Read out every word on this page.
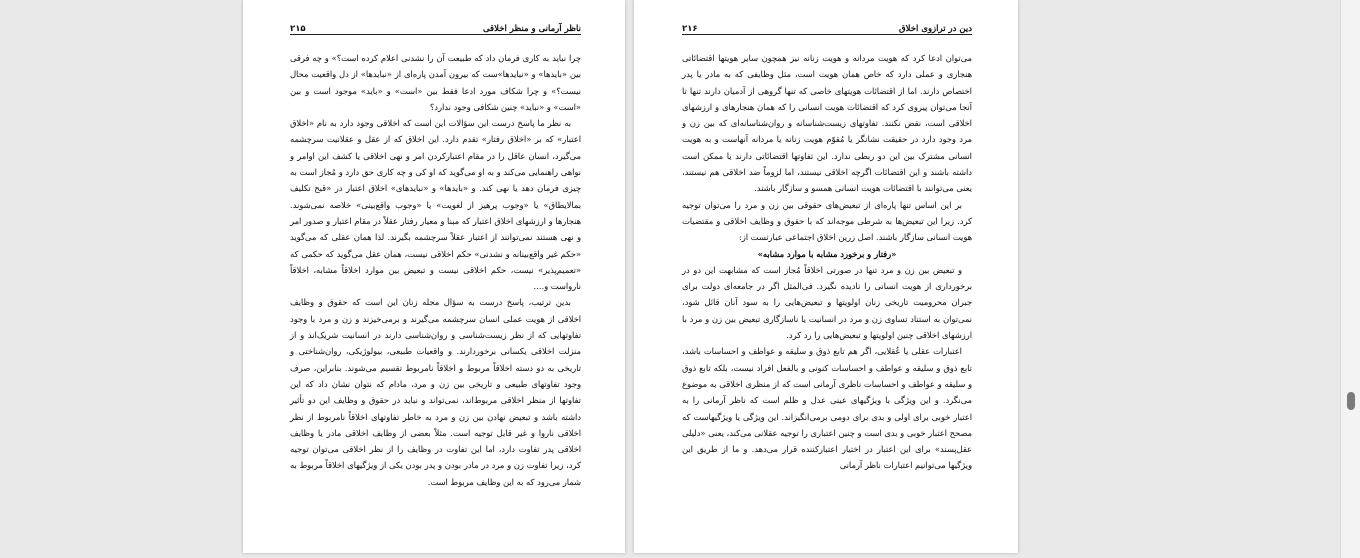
ناظر آرمانی و منظر اخلاقی
۲۱۵

چرا نباید به کاری فرمان داد که طبیعت آن را نشدنی اعلام کرده است؟» و چه فرقی بین «بایدها» و «نبایدها»ست که بیرون آمدن پاره‌ای از «نبایدها» از دل واقعیت محال نیست؟» و چرا شکاف مورد ادعا فقط بین «است» و «باید» موجود است و بین «است» و «نباید» چنین شکافی وجود ندارد؟

به نظر ما پاسخ درست این سؤالات این است که اخلاقی وجود دارد به نام «اخلاق اعتبار» که بر «اخلاق رفتار» تقدم دارد. این اخلاق که از عقل و عقلانیت سرچشمه می‌گیرد، انسان عاقل را در مقام اعتبارکردن امر و نهی اخلاقی یا کشف این اوامر و نواهی راهنمایی می‌کند و به او می‌گوید که او کی و چه کاری حق دارد و مُجاز است به چیزی فرمان دهد یا نهی کند. و «بایدها» و «نبایدهای» اخلاق اعتبار در «قبح تکلیف بمالایطاق» یا «وجوب پرهیز از لغویت» یا «وجوب واقع‌بینی» خلاصه نمی‌شوند. هنجارها و ارزشهای اخلاق اعتبار که مبنا و معیار رفتار عقلاً در مقام اعتبار و صدور امر و نهی هستند نمی‌توانند از اعتبار عقلاً سرچشمه بگیرند. لذا همان عقلی که می‌گوید «حکم غیر واقع‌بینانه و نشدنی» حکم اخلاقی نیست، همان عقل می‌گوید که حکمی که «تعمیم‌پذیر» نیست، حکم اخلاقی نیست و تبعیض بین موارد اخلاقاً مشابه، اخلاقاً نارواست و....

بدین ترتیب، پاسخ درست به سؤال مجله زنان این است که حقوق و وظایف اخلاقی از هویت عملی انسان سرچشمه می‌گیرند و برمی‌خیزند و زن و مرد با وجود تفاوتهایی که از نظر زیست‌شناسی و روان‌شناسی دارند در انسانیت شریک‌اند و از منزلت اخلاقی یکسانی برخوردارند. و واقعیات طبیعی، بیولوژیکی، روان‌شناختی و تاریخی به دو دسته اخلاقاً مربوط و اخلاقاً نامربوط تقسیم می‌شوند. بنابراین، صرف وجود تفاوتهای طبیعی و تاریخی بین زن و مرد، مادام که نتوان نشان داد که این تفاوتها از منظر اخلاقی مربوط‌اند، نمی‌تواند و نباید در حقوق و وظایف این دو تأثیر داشته باشد و تبعیض نهادن بین زن و مرد به خاطر تفاوتهای اخلاقاً نامربوط از نظر اخلاقی ناروا و غیر قابل توجیه است. مثلاً بعضی از وظایف اخلاقی مادر یا وظایف اخلاقی پدر تفاوت دارد، اما این تفاوت در وظایف را از نظر اخلاقی می‌توان توجیه کرد، زیرا تفاوت زن و مرد در مادر بودن و پدر بودن یکی از ویژگیهای اخلاقاً مربوط به شمار می‌رود که به این وظایف مربوط است.

دین در ترازوی اخلاق
۲۱۶

می‌توان ادعا کرد که هویت مردانه و هویت زنانه نیز همچون سایر هویتها اقتضائاتی هنجاری و عملی دارد که خاص همان هویت است، مثل وظایفی که به مادر یا پدر اختصاص دارند. اما از اقتضائات هویتهای خاصی که تنها گروهی از آدمیان دارند تنها تا آنجا می‌توان پیروی کرد که اقتضائات هویت انسانی را که همان هنجارهای و ارزشهای اخلاقی است، نقض نکنند. تفاوتهای زیست‌شناسانه و روان‌شناسانه‌ای که بین زن و مرد وجود دارد در حقیقت نشانگر یا مُقوّم هویت زنانه یا مردانه آنهاست و به هویت انسانی مشترک بین این دو ربطی ندارد. این تفاوتها اقتضائاتی دارند یا ممکن است داشته باشند و این اقتضائات اگرچه اخلاقی نیستند، اما لزوماً ضد اخلاقی هم نیستند، یعنی می‌توانند با اقتضائات هویت انسانی همسو و سازگار باشند.

بر این اساس تنها پاره‌ای از تبعیض‌های حقوقی بین زن و مرد را می‌توان توجیه کرد. زیرا این تبعیض‌ها به شرطی موجه‌اند که با حقوق و وظایف اخلاقی و مقتضیات هویت انسانی سازگار باشند. اصل زرین اخلاق اجتماعی عبارتست از:

«رفتار و برخورد مشابه با موارد مشابه»

و تبعیض بین زن و مرد تنها در صورتی اخلاقاً مُجاز است که مشابهت این دو در برخورداری از هویت انسانی را نادیده نگیرد. فی‌المثل اگر در جامعه‌ای دولت برای جبران محرومیت تاریخی زنان اولویتها و تبعیض‌هایی را به سود آنان قائل شود، نمی‌توان به استناد تساوی زن و مرد در انسانیت یا ناسازگاری تبعیض بین زن و مرد با ارزشهای اخلاقی چنین اولویتها و تبعیض‌هایی را رد کرد.

اعتبارات عقلی یا عُقلایی، اگر هم تابع ذوق و سلیقه و عواطف و احساسات باشد، تابع ذوق و سلیقه و عواطف و احساسات کنونی و بالفعل افراد نیست، بلکه تابع ذوق و سلیقه و عواطف و احساسات ناظری آرمانی است که از منظری اخلاقی به موضوع می‌نگرد. و این ویژگی با ویژگیهای عینی عدل و ظلم است که ناظر آرمانی را به اعتبار خوبی برای اولی و بدی برای دومی برمی‌انگیزاند. این ویژگی یا ویژگیهاست که مصحح اعتبار خوبی و بدی است و چنین اعتباری را توجیه عقلانی می‌کند، یعنی «دلیلی عقل‌پسند» برای این اعتبار در اختیار اعتبارکننده قرار می‌دهد. و ما از طریق این ویژگیها می‌توانیم اعتبارات ناظر آرمانی
